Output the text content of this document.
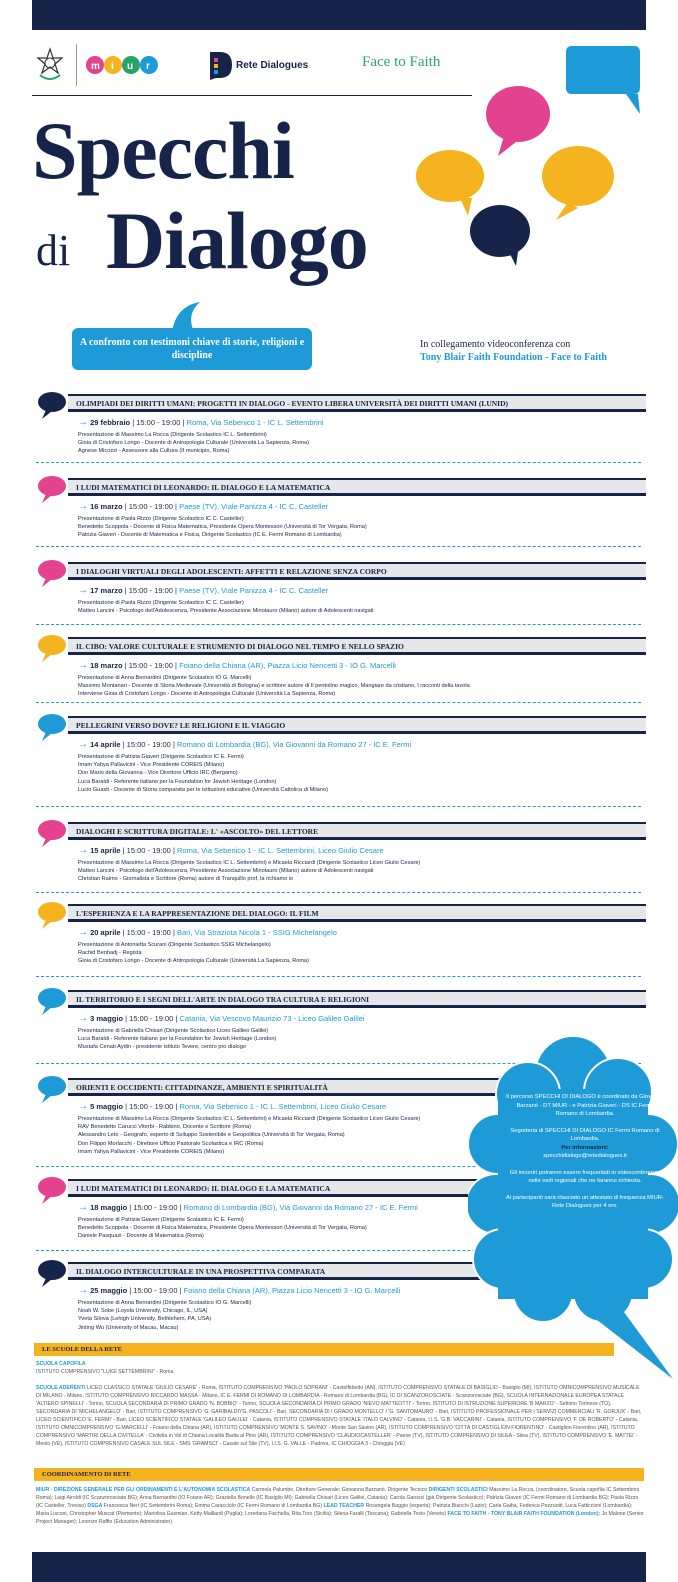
m i u r	Rete Dialogues	Face to Faith
Specchi
di Dialogo
A confronto con testimoni chiave di storie, religioni e discipline
In collegamento videoconferenza con
Tony Blair Faith Foundation - Face to Faith
OLIMPIADI DEI DIRITTI UMANI: PROGETTI IN DIALOGO - EVENTO LIBERA UNIVERSITÀ DEI DIRITTI UMANI (LUNID)
→ 29 febbraio | 15:00 - 19:00 | Roma, Via Sebenico 1 - IC L. Settembrini
Presentazione di Massimo La Rocca (Dirigente Scolastico IC L. Settembrini)
Gioia di Cristofaro Longo - Docente di Antropologia Culturale (Università La Sapienza, Roma)
Agnese Micozzi - Assessore alla Cultura (II municipio, Roma)
I LUDI MATEMATICI DI LEONARDO: IL DIALOGO E LA MATEMATICA
→ 16 marzo | 15:00 - 19:00 | Paese (TV), Viale Panizza 4 - IC C. Casteller
Presentazione di Paola Rizzo (Dirigente Scolastico IC C. Casteller)
Benedetto Scoppola - Docente di Fisica Matematica, Presidente Opera Montessori (Università di Tor Vergata, Roma)
Patrizia Giaveri - Docente di Matematica e Fisica, Dirigente Scolastico (IC E. Fermi Romano di Lombardia)
I DIALOGHI VIRTUALI DEGLI ADOLESCENTI: AFFETTI E RELAZIONE SENZA CORPO
→ 17 marzo | 15:00 - 19:00 | Paese (TV), Viale Panizza 4 - IC C. Casteller
Presentazione di Paola Rizzo (Dirigente Scolastico IC C. Casteller)
Matteo Lancini - Psicologo dell'Adolescenza, Presidente Associazione Minotauro (Milano) autore di Adolescenti navigati
IL CIBO: VALORE CULTURALE E STRUMENTO DI DIALOGO NEL TEMPO E NELLO SPAZIO
→ 18 marzo | 15:00 - 19:00 | Foiano della Chiana (AR), Piazza Licio Nencetti 3 - IO G. Marcelli
Presentazione di Anna Bernardini (Dirigente Scolastico IO G. Marcelli)
Massimo Montanari - Docente di Storia Medievale (Università di Bologna) e scrittore autore di Il pentolino magico, Mangiare da cristiano, I racconti della tavola
Interviene Gioia di Cristofaro Longo - Docente di Antropologia Culturale (Università La Sapienza, Roma)
PELLEGRINI VERSO DOVE? LE RELIGIONI E IL VIAGGIO
→ 14 aprile | 15:00 - 19:00 | Romano di Lombardia (BG), Via Giovanni da Romano 27 - IC E. Fermi
Presentazione di Patrizia Giaveri (Dirigente Scolastico IC E. Fermi)
Imam Yahya Pallavicini - Vice Presidente COREIS (Milano)
Don Mario della Giovanna - Vice Direttore Ufficio IRC (Bergamo)
Luca Baraldi - Referente italiano per la Foundation for Jewish Heritage (London)
Lucio Guasti - Docente di Storia comparata per le istituzioni educative (Università Cattolica di Milano)
DIALOGHI E SCRITTURA DIGITALE: L' «ASCOLTO» DEL LETTORE
→ 15 aprile | 15:00 - 19:00 | Roma, Via Sebenico 1 - IC L. Settembrini, Liceo Giulio Cesare
Presentazione di Massimo La Rocca (Dirigente Scolastico IC L. Settembrini) e Micaela Ricciardi (Dirigente Scolastico Liceo Giulio Cesare)
Matteo Lancini - Psicologo dell'Adolescenza, Presidente Associazione Minotauro (Milano) autore di Adolescenti navigati
Christian Raimo - Giornalista e Scrittore (Roma) autore di Tranquillo prof, la richiamo io
L'ESPERIENZA E LA RAPPRESENTAZIONE DEL DIALOGO: IL FILM
→ 20 aprile | 15:00 - 19:00 | Bari, Via Straziota Nicola 1 - SSIG Michelangelo
Presentazione di Antonietta Scurani (Dirigente Scolastico SSIG Michelangelo)
Rachid Benhadj - Regista
Gioia di Cristofaro Longo - Docente di Antropologia Culturale (Università La Sapienza, Roma)
IL TERRITORIO E I SEGNI DELL'ARTE IN DIALOGO TRA CULTURA E RELIGIONI
→ 3 maggio | 15:00 - 19:00 | Catania, Via Vescovo Maurizio 73 - Liceo Galileo Galilei
Presentazione di Gabriella Chisari (Dirigente Scolastico Liceo Galileo Galilei)
Luca Baraldi - Referente italiano per la Foundation for Jewish Heritage (London)
Mustafa Cenab Aydin - presidente istituto Tevere, centro pro dialogo
ORIENTI E OCCIDENTI: CITTADINANZE, AMBIENTI E SPIRITUALITÀ
→ 5 maggio | 15:00 - 19:00 | Roma, Via Sebenico 1 - IC L. Settembrini, Liceo Giulio Cesare
Presentazione di Massimo La Rocca (Dirigente Scolastico IC L. Settembrini) e Micaela Ricciardi (Dirigente Scolastico Liceo Giulio Cesare)
RAV Benedetto Carucci Viterbi - Rabbino, Docente e Scrittore (Roma)
Alessandro Leto - Geografo, esperto di Sviluppo Sostenibile e Geopolitica (Università di Tor Vergata, Roma)
Don Filippo Morlacchi - Direttore Ufficio Pastorale Scolastica e IRC (Roma)
Imam Yahya Pallavicini - Vice Presidente COREIS (Milano)
I LUDI MATEMATICI DI LEONARDO: IL DIALOGO E LA MATEMATICA
→ 18 maggio | 15:00 - 19:00 | Romano di Lombardia (BG), Via Giovanni da Romano 27 - IC E. Fermi
Presentazione di Patrizia Giaveri (Dirigente Scolastico IC E. Fermi)
Benedetto Scoppola - Docente di Fisica Matematica, Presidente Opera Montessori (Università di Tor Vergata, Roma)
Daniele Pasquazi - Docente di Matematica (Roma)
IL DIALOGO INTERCULTURALE IN UNA PROSPETTIVA COMPARATA
→ 25 maggio | 15:00 - 19:00 | Foiano della Chiana (AR), Piazza Licio Nencetti 3 - IO G. Marcelli
Presentazione di Anna Bernardini (Dirigente Scolastico IO G. Marcelli)
Noah W. Sobe (Loyola University, Chicago, IL, USA)
Yveta Silova (Lehigh University, Bethlehem, PA, USA)
Jinting Wu (University of Macau, Macau)

Il percorso SPECCHI DI DIALOGO è coordinato da Giovanna Barzanò - DT MIUR - e Patrizia Giaveri - DS IC Fermi Romano di Lombardia.

Segreteria di SPECCHI DI DIALOGO IC Fermi Romano di Lombardia.
Per informazioni:
specchidialogo@retedialogues.it

Gli incontri potranno essere frequentati in videoconferenza nelle sedi regionali che ne faranno richiesta.

Ai partecipanti sarà rilasciato un attestato di frequenza MIUR-Rete Dialogues per 4 ore.

LE SCUOLE DELLA RETE
SCUOLA CAPOFILA
ISTITUTO COMPRENSIVO "LUIGI SETTEMBRINI" - Roma
SCUOLE ADERENTI LICEO CLASSICO STATALE 'GIULIO CESARE' - Roma, ISTITUTO COMPRENSIVO 'PAOLO SOPRANI' - Castelfidardo (AN), ISTITUTO COMPRENSIVO STATALE DI BASIGLIO - Basiglio (MI), ISTITUTO OMNICOMPRENSIVO MUSICALE DI MILANO - Milano, ISTITUTO COMPRENSIVO RICCARDO MASSA - Milano, IC E. FERMI DI ROMANO DI LOMBARDIA - Romano di Lombardia (BG), IC DI SCANZOROSCIATE - Scanzorosciate (BG), SCUOLA INTERNAZIONALE EUROPEA STATALE 'ALTIERO SPINELLI' - Torino, SCUOLA SECONDARIA DI PRIMO GRADO 'N. BOBBIO' - Torino, SCUOLA SECONDARIA DI PRIMO GRADO 'NIEVO MATTEOTTI' - Torino, ISTITUTO DI ISTRUZIONE SUPERIORE 'B MARZO' - Settimo Torinese (TO), SECONDARIA DI 'MICHELANGELO' - Bari, ISTITUTO COMPRENSIVO 'G. GARIBALDI'/'G. PASCOLI' - Bari, SECONDARIA DI I GRADO MONTELLO' / 'G. SANTOMAURO' - Bari, ISTITUTO PROFESSIONALE PER I SERVIZI COMMERCIALI 'R. GORJUX' - Bari, LICEO SCIENTIFICO 'E. FERMI' - Bari, LICEO SCIENTIFICO STATALE 'GALILEO GALILEI' - Catania, ISTITUTO COMPRENSIVO STATALE 'ITALO CALVINO' - Catania, I.I.S. 'G.B. VACCARINI' - Catania, ISTITUTO COMPRENSIVO 'F. DE ROBERTO' - Catania, ISTITUTO OMNICOMPRENSIVO 'G.MARCELLI' - Foiano della Chiana (AR), ISTITUTO COMPRENSIVO 'MONTE S. SAVINO' - Monte San Savino (AR), ISTITUTO COMPRENSIVO 'CITTÀ DI CASTIGLION FIORENTINO' - Castiglion Fiorentino (AR), ISTITUTO COMPRENSIVO 'MARTIRI DELLA CIVITELLA' - Civitella in Val di Chiana Località Badia al Pino (AR), ISTITUTO COMPRENSIVO 'CLAUDIOCASTELLER' - Paese (TV), ISTITUTO COMPRENSIVO DI SILEA - Silea (TV), ISTITUTO COMPRENSIVO 'E. MATTEI' - Meolo (VE), ISTITUTO COMPRENSIVO CASALE SUL SILE - SMS 'GRAMSCI' - Casale sul Sile (TV), I.I.S. G. VALLE - Padova, IC CHIOGGIA 3 - Chioggia (VE)
COORDINAMENTO DI RETE
MIUR - DIREZIONE GENERALE PER GLI ORDINAMENTI E L'AUTONOMIA SCOLASTICA Carmela Palumbo, Direttore Generale; Giovanna Barzanò, Dirigente Tecnico DIRIGENTI SCOLASTICI Massimo La Rocca, (coordinatore, Scuola capofila IC Settembrini Roma); Luigi Airoldi (IC Scanzorosciate BG); Anna Bernardini (IO Foiano AR); Graziella Bonello (IC Basiglio MI); Gabriella Chisari (Liceo Galilei, Catania); Carola Garosci (già Dirigente Scolastico); Patrizia Giaveri (IC Fermi Romano di Lombardia BG); Paola Rizzo (IC Casteller, Treviso) DSGA Francesca Neri (IC Settembrini Roma); Emma Caracciolo (IC Fermi Romano di Lombardia BG) LEAD TEACHER Rosangela Baggio (esperta); Patrizia Bianchi (Lazio); Carla Gaiba, Federica Pezzuotti, Luca Fatticcioni (Lombardia); Maria Lisconi, Christopher Muscat (Piemonte); Mariolina Gusmian, Ketty Maillardi (Puglia); Loredana Fischella, Rita Toro (Sicilia); Silena Faralli (Toscana); Gabriella Tesio (Veneto) FACE TO FAITH - TONY BLAIR FAITH FOUNDATION (London): Jo Malone (Senior Project Manager); Lorenzo Raffio (Education Administrator)
